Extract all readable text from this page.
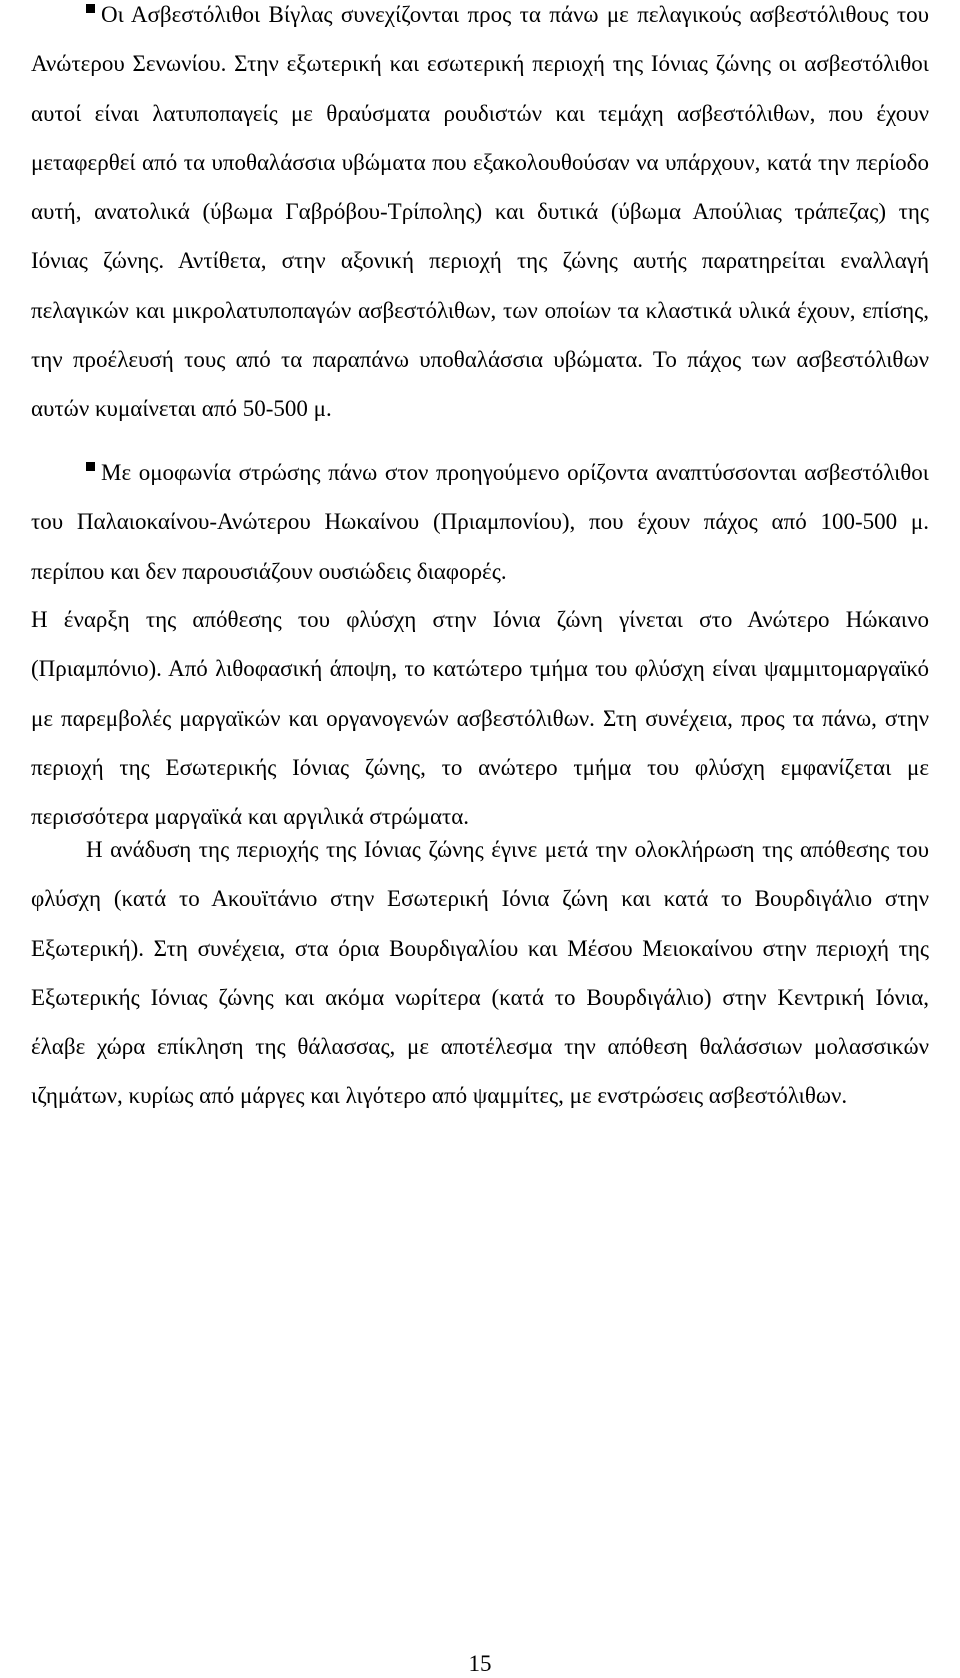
Οι Ασβεστόλιθοι Βίγλας συνεχίζονται προς τα πάνω με πελαγικούς ασβεστόλιθους του Ανώτερου Σενωνίου. Στην εξωτερική και εσωτερική περιοχή της Ιόνιας ζώνης οι ασβεστόλιθοι αυτοί είναι λατυποπαγείς με θραύσματα ρουδιστών και τεμάχη ασβεστόλιθων, που έχουν μεταφερθεί από τα υποθαλάσσια υβώματα που εξακολουθούσαν να υπάρχουν, κατά την περίοδο αυτή, ανατολικά (ύβωμα Γαβρόβου-Τρίπολης) και δυτικά (ύβωμα Απούλιας τράπεζας) της Ιόνιας ζώνης. Αντίθετα, στην αξονική περιοχή της ζώνης αυτής παρατηρείται εναλλαγή πελαγικών και μικρολατυποπαγών ασβεστόλιθων, των οποίων τα κλαστικά υλικά έχουν, επίσης, την προέλευσή τους από τα παραπάνω υποθαλάσσια υβώματα. Το πάχος των ασβεστόλιθων αυτών κυμαίνεται από 50-500 μ.

Με ομοφωνία στρώσης πάνω στον προηγούμενο ορίζοντα αναπτύσσονται ασβεστόλιθοι του Παλαιοκαίνου-Ανώτερου Ηωκαίνου (Πριαμπονίου), που έχουν πάχος από 100-500 μ. περίπου και δεν παρουσιάζουν ουσιώδεις διαφορές.

Η έναρξη της απόθεσης του φλύσχη στην Ιόνια ζώνη γίνεται στο Ανώτερο Ηώκαινο (Πριαμπόνιο). Από λιθοφασική άποψη, το κατώτερο τμήμα του φλύσχη είναι ψαμμιτομαργαϊκό με παρεμβολές μαργαϊκών και οργανογενών ασβεστόλιθων. Στη συνέχεια, προς τα πάνω, στην περιοχή της Εσωτερικής Ιόνιας ζώνης, το ανώτερο τμήμα του φλύσχη εμφανίζεται με περισσότερα μαργαϊκά και αργιλικά στρώματα.

Η ανάδυση της περιοχής της Ιόνιας ζώνης έγινε μετά την ολοκλήρωση της απόθεσης του φλύσχη (κατά το Ακουϊτάνιο στην Εσωτερική Ιόνια ζώνη και κατά το Βουρδιγάλιο στην Εξωτερική). Στη συνέχεια, στα όρια Βουρδιγαλίου και Μέσου Μειοκαίνου στην περιοχή της Εξωτερικής Ιόνιας ζώνης και ακόμα νωρίτερα (κατά το Βουρδιγάλιο) στην Κεντρική Ιόνια, έλαβε χώρα επίκληση της θάλασσας, με αποτέλεσμα την απόθεση θαλάσσιων μολασσικών ιζημάτων, κυρίως από μάργες και λιγότερο από ψαμμίτες, με ενστρώσεις ασβεστόλιθων.

15
